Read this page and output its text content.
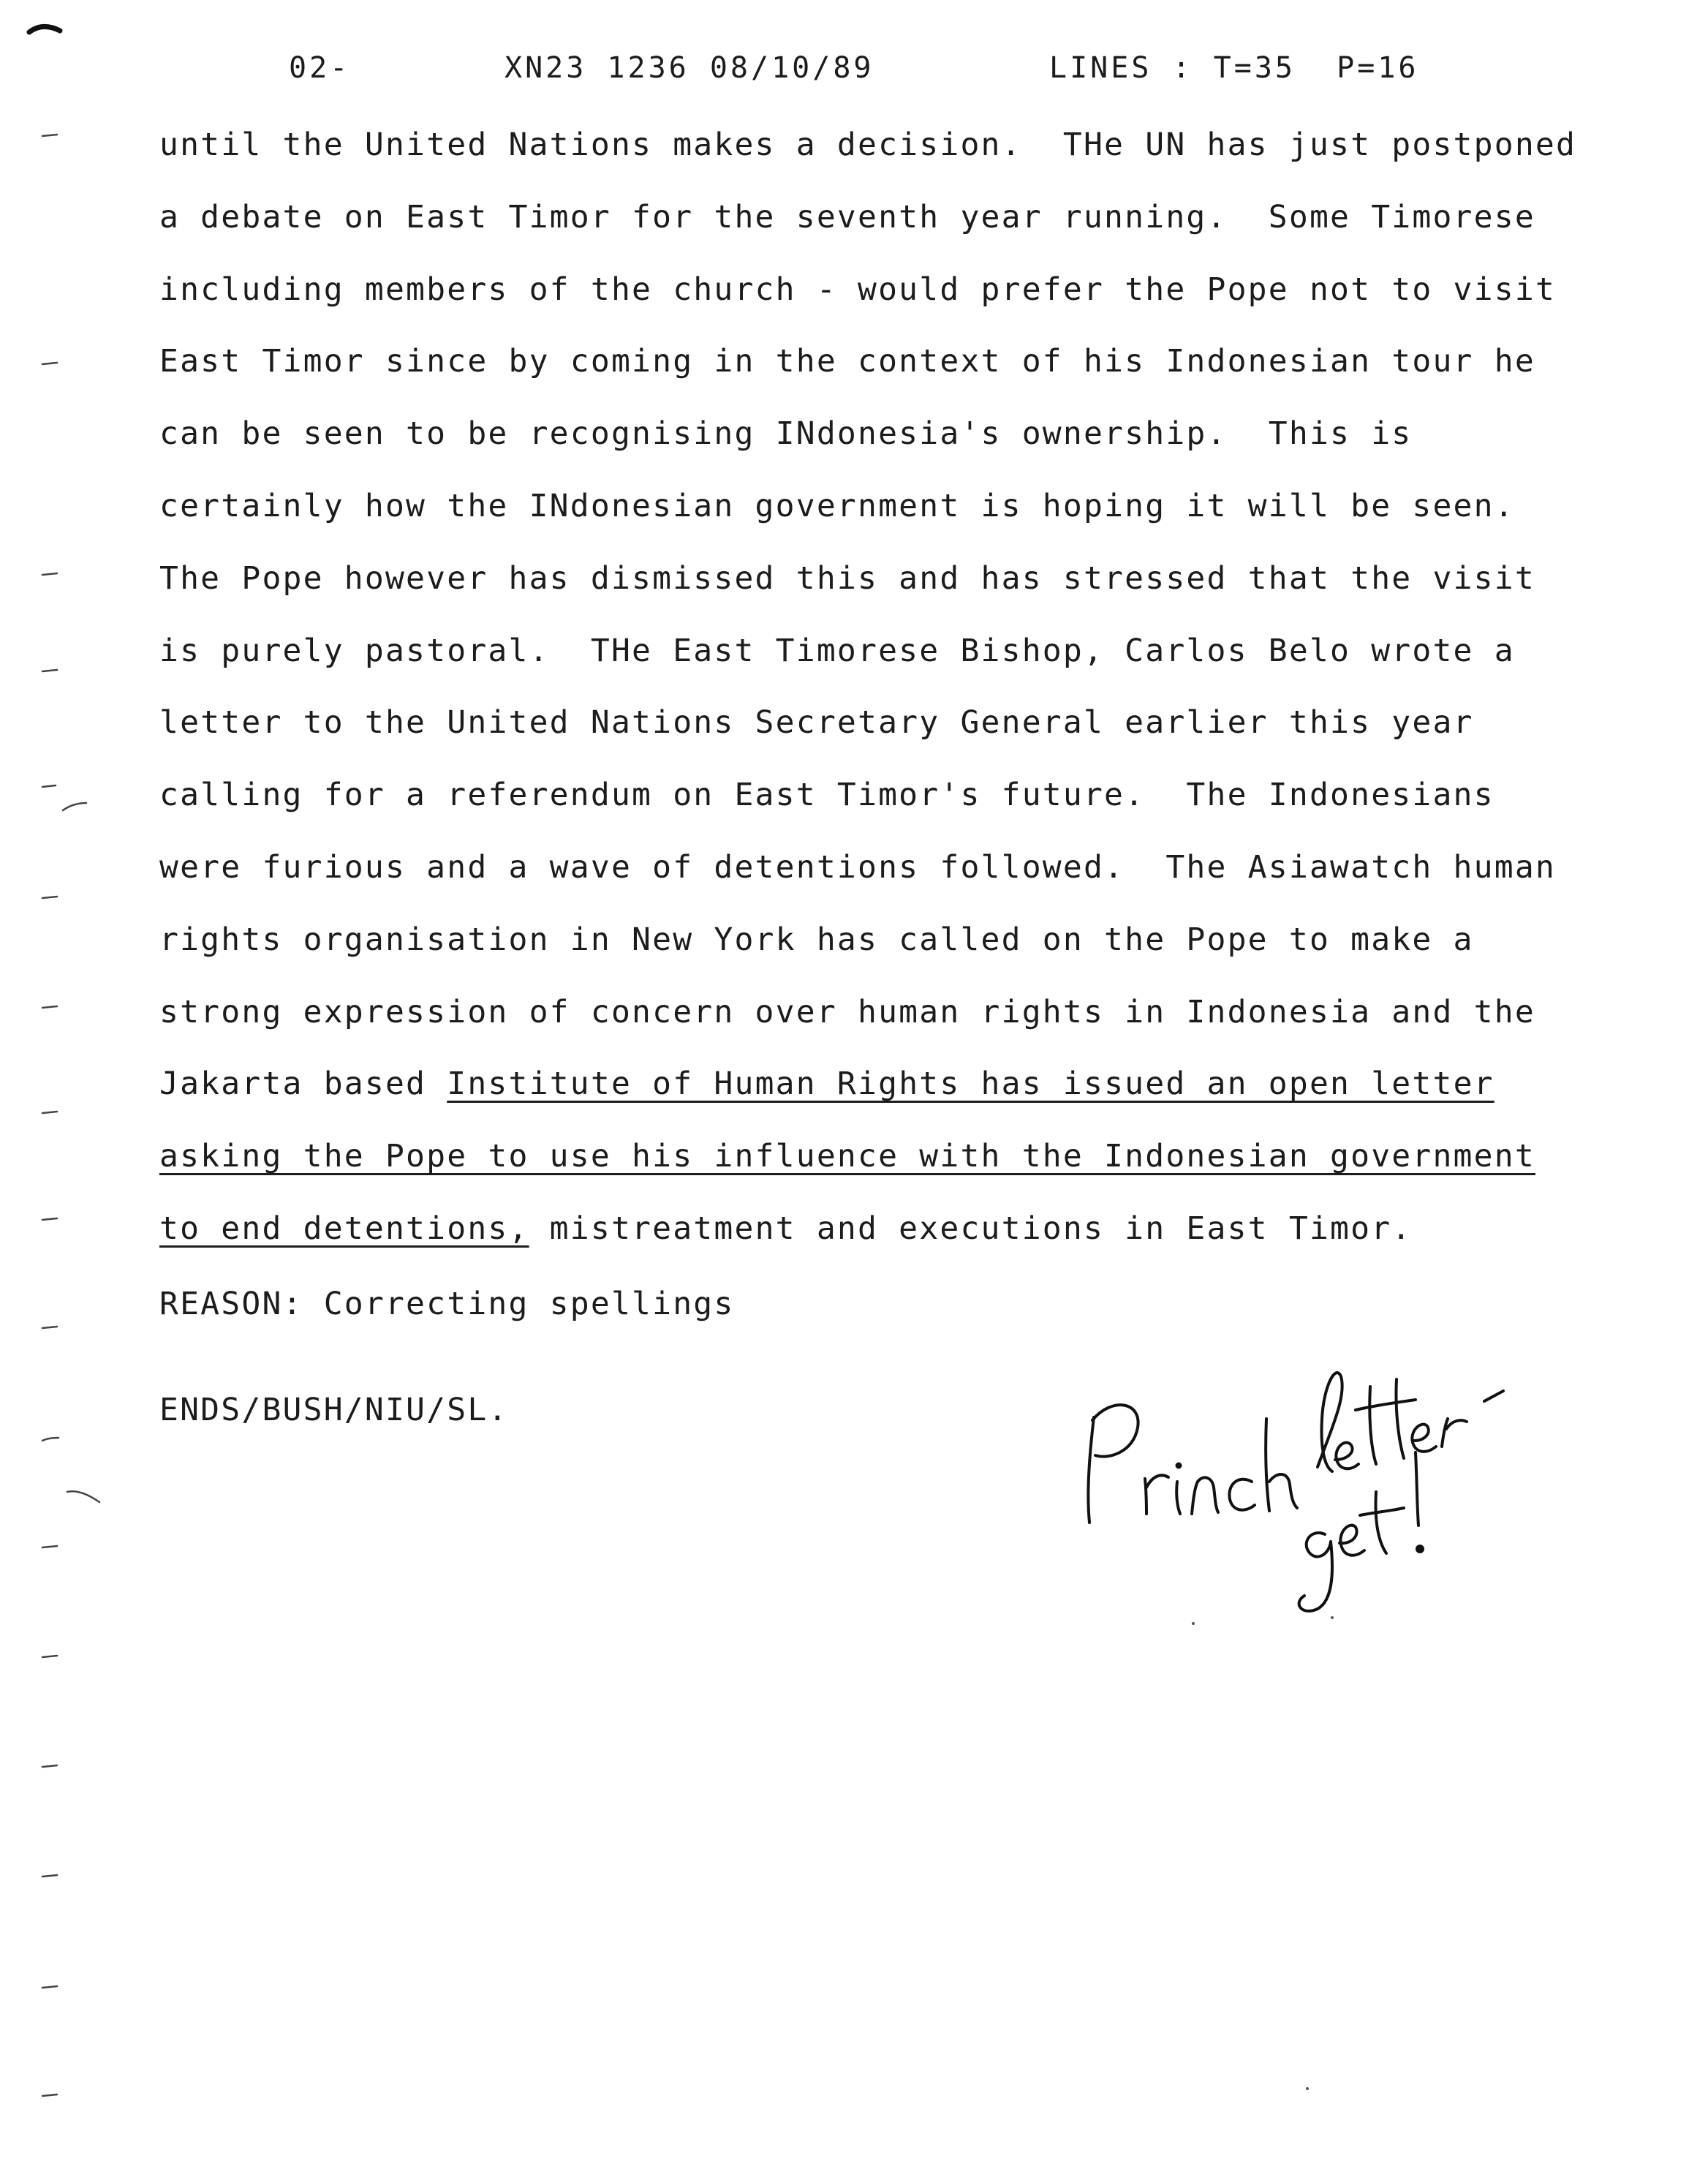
02-	XN23 1236 08/10/89	LINES : T=35  P=16
until the United Nations makes a decision.  THe UN has just postponed
a debate on East Timor for the seventh year running.  Some Timorese
including members of the church - would prefer the Pope not to visit
East Timor since by coming in the context of his Indonesian tour he
can be seen to be recognising INdonesia's ownership.  This is
certainly how the INdonesian government is hoping it will be seen.
The Pope however has dismissed this and has stressed that the visit
is purely pastoral.  THe East Timorese Bishop, Carlos Belo wrote a
letter to the United Nations Secretary General earlier this year
calling for a referendum on East Timor's future.  The Indonesians
were furious and a wave of detentions followed.  The Asiawatch human
rights organisation in New York has called on the Pope to make a
strong expression of concern over human rights in Indonesia and the
Jakarta based Institute of Human Rights has issued an open letter
asking the Pope to use his influence with the Indonesian government
to end detentions, mistreatment and executions in East Timor.
REASON: Correcting spellings
ENDS/BUSH/NIU/SL.
